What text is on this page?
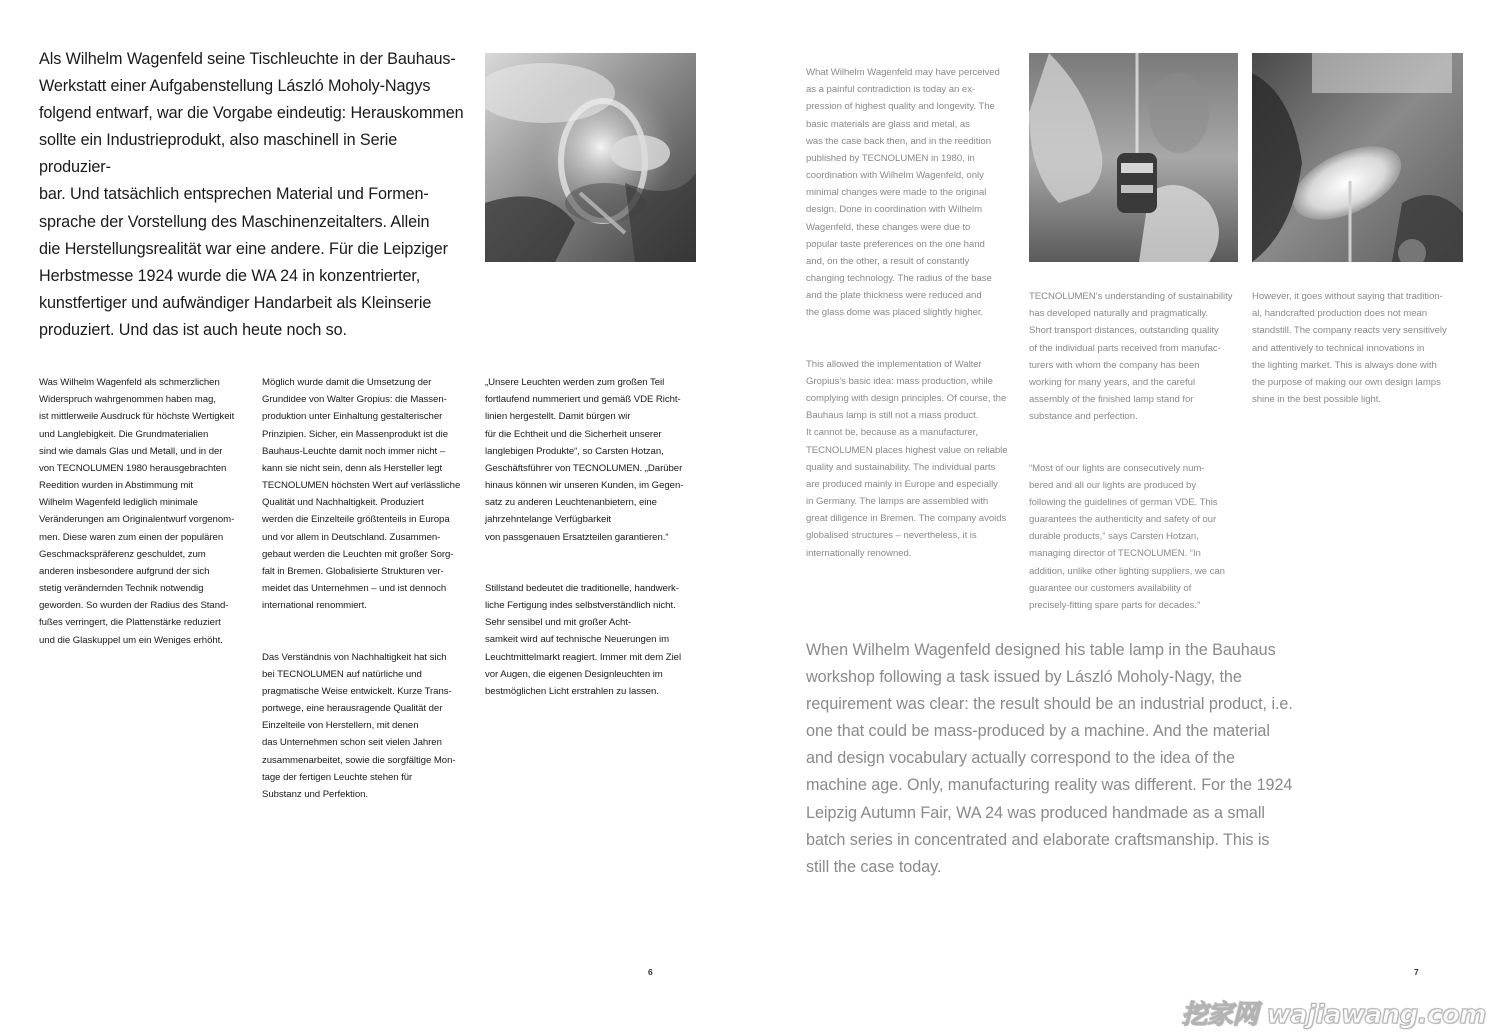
Als Wilhelm Wagenfeld seine Tischleuchte in der Bauhaus-
Werkstatt einer Aufgabenstellung László Moholy-Nagys
folgend entwarf, war die Vorgabe eindeutig: Herauskommen
sollte ein Industrieprodukt, also maschinell in Serie produzier-
bar. Und tatsächlich entsprechen Material und Formen-
sprache der Vorstellung des Maschinenzeitalters. Allein
die Herstellungsrealität war eine andere. Für die Leipziger
Herbstmesse 1924 wurde die WA 24 in konzentrierter,
kunstfertiger und aufwändiger Handarbeit als Kleinserie
produziert. Und das ist auch heute noch so.

Was Wilhelm Wagenfeld als schmerzlichen
Widerspruch wahrgenommen haben mag,
ist mittlerweile Ausdruck für höchste Wertigkeit
und Langlebigkeit. Die Grundmaterialien
sind wie damals Glas und Metall, und in der
von TECNOLUMEN 1980 herausgebrachten
Reedition wurden in Abstimmung mit
Wilhelm Wagenfeld lediglich minimale
Veränderungen am Originalentwurf vorgenom-
men. Diese waren zum einen der populären
Geschmackspräferenz geschuldet, zum
anderen insbesondere aufgrund der sich
stetig verändernden Technik notwendig
geworden. So wurden der Radius des Stand-
fußes verringert, die Plattenstärke reduziert
und die Glaskuppel um ein Weniges erhöht.

Möglich wurde damit die Umsetzung der
Grundidee von Walter Gropius: die Massen-
produktion unter Einhaltung gestalterischer
Prinzipien. Sicher, ein Massenprodukt ist die
Bauhaus-Leuchte damit noch immer nicht –
kann sie nicht sein, denn als Hersteller legt
TECNOLUMEN höchsten Wert auf verlässliche
Qualität und Nachhaltigkeit. Produziert
werden die Einzelteile größtenteils in Europa
und vor allem in Deutschland. Zusammen-
gebaut werden die Leuchten mit großer Sorg-
falt in Bremen. Globalisierte Strukturen ver-
meidet das Unternehmen – und ist dennoch
international renommiert.

Das Verständnis von Nachhaltigkeit hat sich
bei TECNOLUMEN auf natürliche und
pragmatische Weise entwickelt. Kurze Trans-
portwege, eine herausragende Qualität der
Einzelteile von Herstellern, mit denen
das Unternehmen schon seit vielen Jahren
zusammenarbeitet, sowie die sorgfältige Mon-
tage der fertigen Leuchte stehen für
Substanz und Perfektion.

„Unsere Leuchten werden zum großen Teil
fortlaufend nummeriert und gemäß VDE Richt-
linien hergestellt. Damit bürgen wir
für die Echtheit und die Sicherheit unserer
langlebigen Produkte“, so Carsten Hotzan,
Geschäftsführer von TECNOLUMEN. „Darüber
hinaus können wir unseren Kunden, im Gegen-
satz zu anderen Leuchtenanbietern, eine
jahrzehntelange Verfügbarkeit
von passgenauen Ersatzteilen garantieren.“

Stillstand bedeutet die traditionelle, handwerk-
liche Fertigung indes selbstverständlich nicht.
Sehr sensibel und mit großer Acht-
samkeit wird auf technische Neuerungen im
Leuchtmittelmarkt reagiert. Immer mit dem Ziel
vor Augen, die eigenen Designleuchten im
bestmöglichen Licht erstrahlen zu lassen.

6

What Wilhelm Wagenfeld may have perceived
as a painful contradiction is today an ex-
pression of highest quality and longevity. The
basic materials are glass and metal, as
was the case back then, and in the reedition
published by TECNOLUMEN in 1980, in
coordination with Wilhelm Wagenfeld, only
minimal changes were made to the original
design. Done in coordination with Wilhelm
Wagenfeld, these changes were due to
popular taste preferences on the one hand
and, on the other, a result of constantly
changing technology. The radius of the base
and the plate thickness were reduced and
the glass dome was placed slightly higher.

This allowed the implementation of Walter
Gropius’s basic idea: mass production, while
complying with design principles. Of course, the
Bauhaus lamp is still not a mass product.
It cannot be, because as a manufacturer,
TECNOLUMEN places highest value on reliable
quality and sustainability. The individual parts
are produced mainly in Europe and especially
in Germany. The lamps are assembled with
great diligence in Bremen. The company avoids
globalised structures – nevertheless, it is
internationally renowned.

TECNOLUMEN’s understanding of sustainability
has developed naturally and pragmatically.
Short transport distances, outstanding quality
of the individual parts received from manufac-
turers with whom the company has been
working for many years, and the careful
assembly of the finished lamp stand for
substance and perfection.

“Most of our lights are consecutively num-
bered and all our lights are produced by
following the guidelines of german VDE. This
guarantees the authenticity and safety of our
durable products,” says Carsten Hotzan,
managing director of TECNOLUMEN. “In
addition, unlike other lighting suppliers, we can
guarantee our customers availability of
precisely-fitting spare parts for decades.”

However, it goes without saying that tradition-
al, handcrafted production does not mean
standstill. The company reacts very sensitively
and attentively to technical innovations in
the lighting market. This is always done with
the purpose of making our own design lamps
shine in the best possible light.

When Wilhelm Wagenfeld designed his table lamp in the Bauhaus
workshop following a task issued by László Moholy-Nagy, the
requirement was clear: the result should be an industrial product, i.e.
one that could be mass-produced by a machine. And the material
and design vocabulary actually correspond to the idea of the
machine age. Only, manufacturing reality was different. For the 1924
Leipzig Autumn Fair, WA 24 was produced handmade as a small
batch series in concentrated and elaborate craftsmanship. This is
still the case today.
7
挖家网 wajiawang.com
